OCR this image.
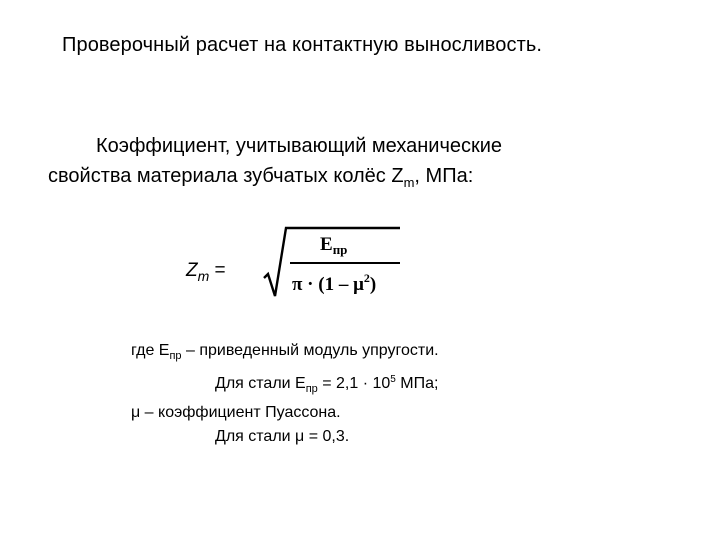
Проверочный расчет на контактную выносливость.
Коэффициент, учитывающий механические
свойства материала зубчатых колёс $Z_m$, МПа:
$Z_m$ =
$E_{пр}$
$\pi \cdot (1 - \mu^2)$
где $E_{пр}$ – приведенный модуль упругости.
Для стали $E_{пр} = 2,1 \cdot 10^5$ МПа;
μ – коэффициент Пуассона.
Для стали μ = 0,3.
